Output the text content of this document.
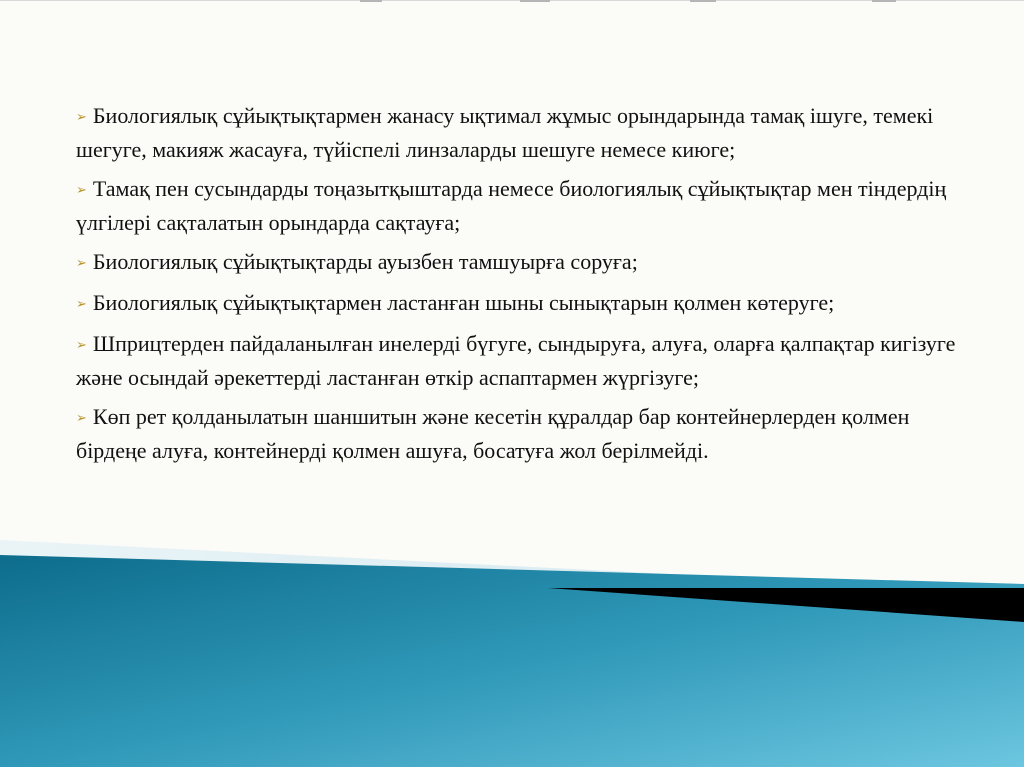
➢ Биологиялық сұйықтықтармен жанасу ықтимал жұмыс орындарында тамақ ішуге, темекі шегуге, макияж жасауға, түйіспелі линзаларды шешуге немесе киюге;
➢ Тамақ пен сусындарды тоңазытқыштарда немесе биологиялық сұйықтықтар мен тіндердің үлгілері сақталатын орындарда сақтауға;
➢ Биологиялық сұйықтықтарды ауызбен тамшуырға соруға;
➢ Биологиялық сұйықтықтармен ластанған шыны сынықтарын қолмен көтеруге;
➢ Шприцтерден пайдаланылған инелерді бүгуге, сындыруға, алуға, оларға қалпақтар кигізуге және осындай әрекеттерді ластанған өткір аспаптармен жүргізуге;
➢ Көп рет қолданылатын шаншитын және кесетін құралдар бар контейнерлерден қолмен бірдеңе алуға, контейнерді қолмен ашуға, босатуға жол берілмейді.
